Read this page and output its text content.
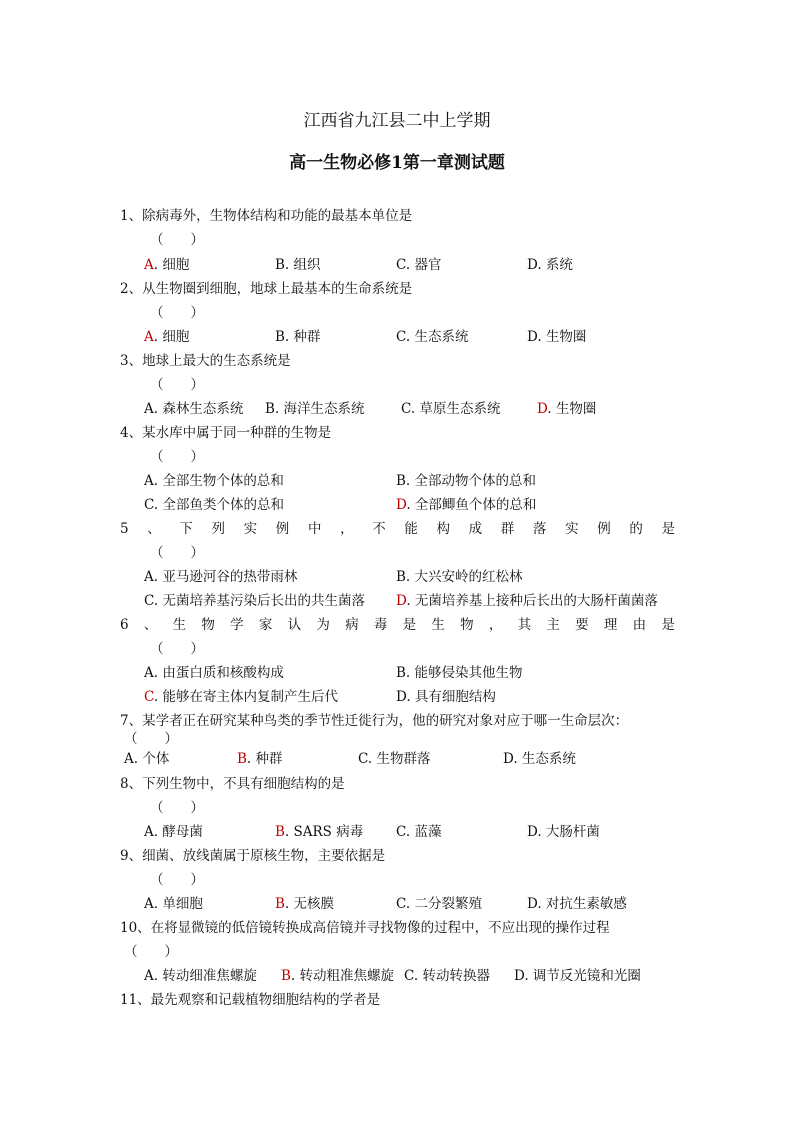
江西省九江县二中上学期
高一生物必修1第一章测试题
1、除病毒外，生物体结构和功能的最基本单位是
（　　）
A. 细胞	B. 组织	C. 器官	D. 系统
2、从生物圈到细胞，地球上最基本的生命系统是
（　　）
A. 细胞	B. 种群	C. 生态系统	D. 生物圈
3、地球上最大的生态系统是
（　　）
A. 森林生态系统 B. 海洋生态系统	C. 草原生态系统	D. 生物圈
4、某水库中属于同一种群的生物是
（　　）
A. 全部生物个体的总和	B. 全部动物个体的总和
C. 全部鱼类个体的总和	D. 全部鲫鱼个体的总和
5 、 下 列 实 例 中 ， 不 能 构 成 群 落 实 例 的 是
（　　）
A. 亚马逊河谷的热带雨林	B. 大兴安岭的红松林
C. 无菌培养基污染后长出的共生菌落 D. 无菌培养基上接种后长出的大肠杆菌菌落
6 、 生 物 学 家 认 为 病 毒 是 生 物 ， 其 主 要 理 由 是
（　　）
A. 由蛋白质和核酸构成	B. 能够侵染其他生物
C. 能够在寄主体内复制产生后代	D. 具有细胞结构
7、某学者正在研究某种鸟类的季节性迁徙行为，他的研究对象对应于哪一生命层次：
（　　）
A. 个体	B. 种群	C. 生物群落	D. 生态系统
8、下列生物中，不具有细胞结构的是
（　　）
A. 酵母菌	B. SARS 病毒 C. 蓝藻	D. 大肠杆菌
9、细菌、放线菌属于原核生物，主要依据是
（　　）
A. 单细胞	B. 无核膜	C. 二分裂繁殖	D. 对抗生素敏感
10、在将显微镜的低倍镜转换成高倍镜并寻找物像的过程中，不应出现的操作过程
（　　）
A. 转动细准焦螺旋 B. 转动粗准焦螺旋 C. 转动转换器 D. 调节反光镜和光圈
11、最先观察和记载植物细胞结构的学者是
